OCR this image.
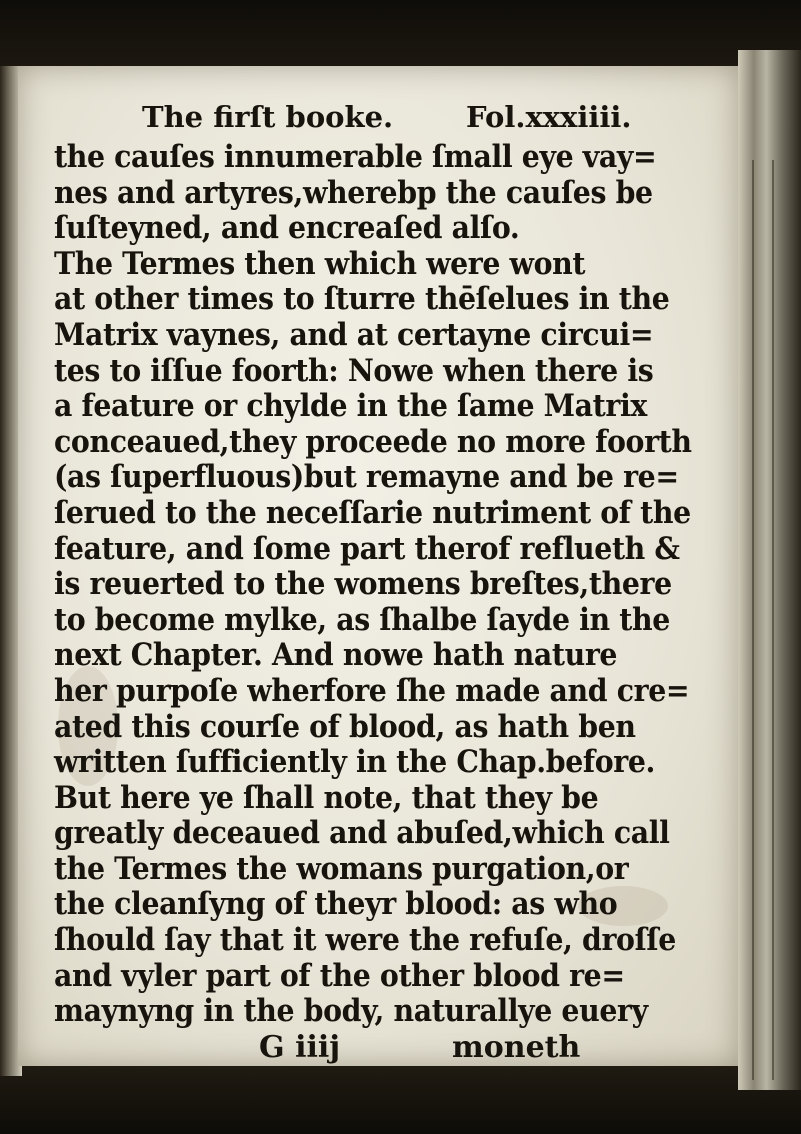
The firſt booke.	Fol.xxxiiii.
the cauſes innumerable ſmall eye vay=
nes and artyres,wherebp the cauſes be
ſuſteyned, and encreaſed alſo.
The Termes then which were wont
at other times to ſturre thēſelues in the
Matrix vaynes, and at certayne circui=
tes to iſſue foorth: Nowe when there is
a feature or chylde in the ſame Matrix
conceaued,they proceede no more foorth
(as ſuperfluous)but remayne and be re=
ſerued to the neceſſarie nutriment of the
feature, and ſome part therof reflueth &
is reuerted to the womens breſtes,there
to become mylke, as ſhalbe ſayde in the
next Chapter. And nowe hath nature
her purpoſe wherfore ſhe made and cre=
ated this courſe of blood, as hath ben
written ſufficiently in the Chap.before.
But here ye ſhall note, that they be
greatly deceaued and abuſed,which call
the Termes the womans purgation,or
the cleanſyng of theyr blood: as who
ſhould ſay that it were the refuſe, droſſe
and vyler part of the other blood re=
maynyng in the body, naturallye euery
G iiij	moneth
